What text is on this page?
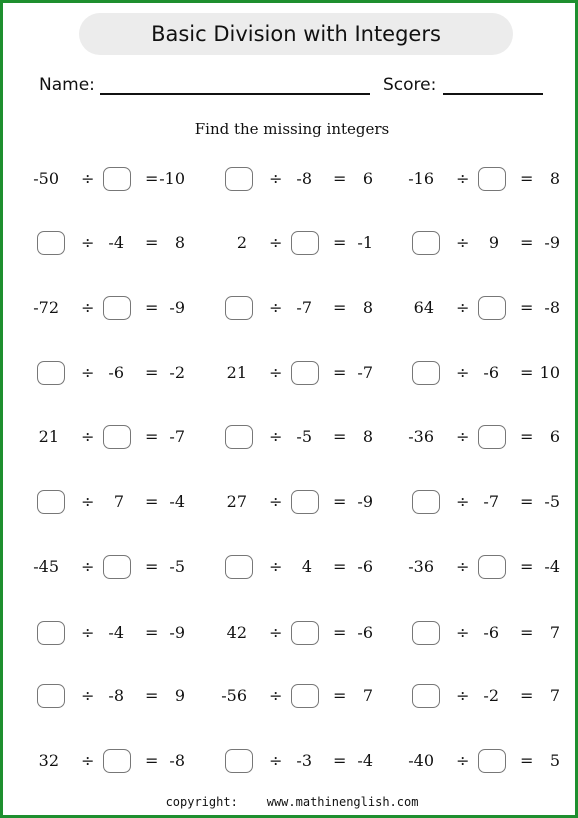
Basic Division with Integers
Name:	Score:
Find the missing integers
-50 ÷	= -10	÷ -8 = 6 -16 ÷	= 8
÷ -4 = 8	2 ÷	= -1	÷ 9 = -9
-72 ÷	= -9	÷ -7 = 8	64 ÷	= -8
÷ -6 = -2	21 ÷	= -7	÷ -6 = 10
21 ÷	= -7	÷ -5 = 8 -36 ÷	= 6
÷ 7 = -4	27 ÷	= -9	÷ -7 = -5
-45 ÷	= -5	÷ 4 = -6 -36 ÷	= -4
÷ -4 = -9	42 ÷	= -6	÷ -6 = 7
÷ -8 = 9 -56 ÷	= 7	÷ -2 = 7
32 ÷	= -8	÷ -3 = -4 -40 ÷	= 5
copyright: www.mathinenglish.com
